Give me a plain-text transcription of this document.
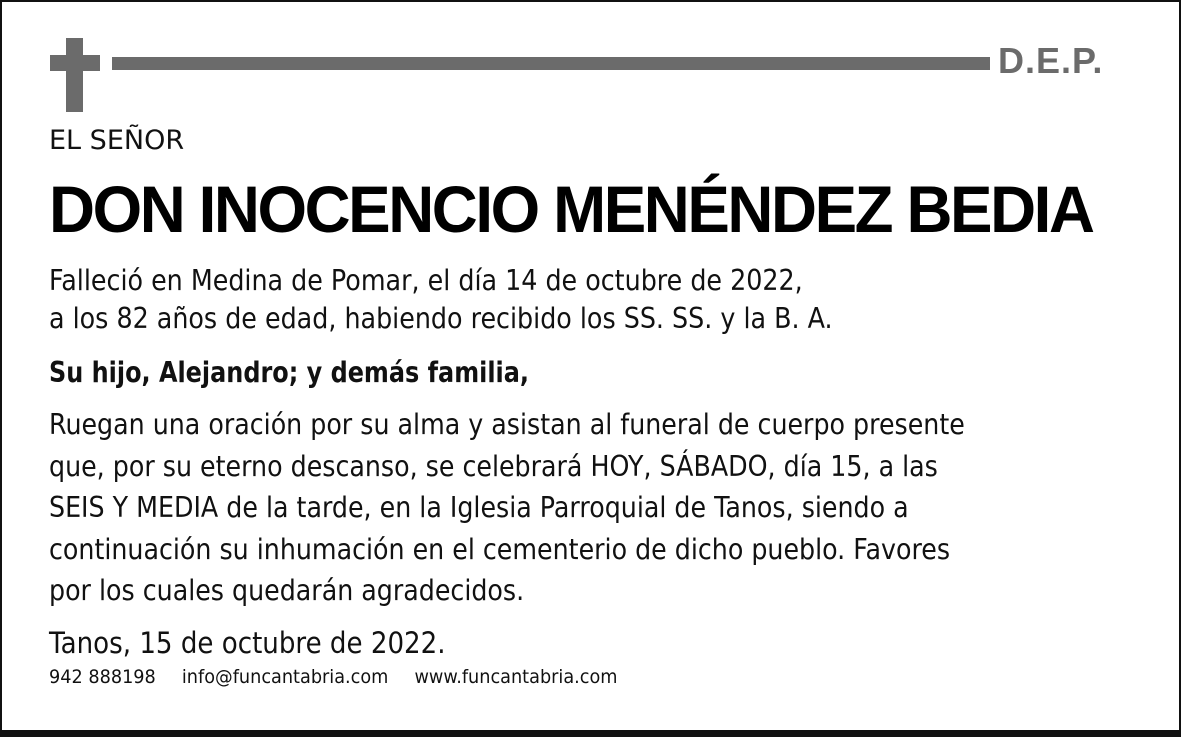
D.E.P.
EL SEÑOR
DON INOCENCIO MENÉNDEZ BEDIA
Falleció en Medina de Pomar, el día 14 de octubre de 2022,
a los 82 años de edad, habiendo recibido los SS. SS. y la B. A.
Su hijo, Alejandro; y demás familia,
Ruegan una oración por su alma y asistan al funeral de cuerpo presente
que, por su eterno descanso, se celebrará HOY, SÁBADO, día 15, a las
SEIS Y MEDIA de la tarde, en la Iglesia Parroquial de Tanos, siendo a
continuación su inhumación en el cementerio de dicho pueblo. Favores
por los cuales quedarán agradecidos.
Tanos, 15 de octubre de 2022.
942 888198 info@funcantabria.com www.funcantabria.com
